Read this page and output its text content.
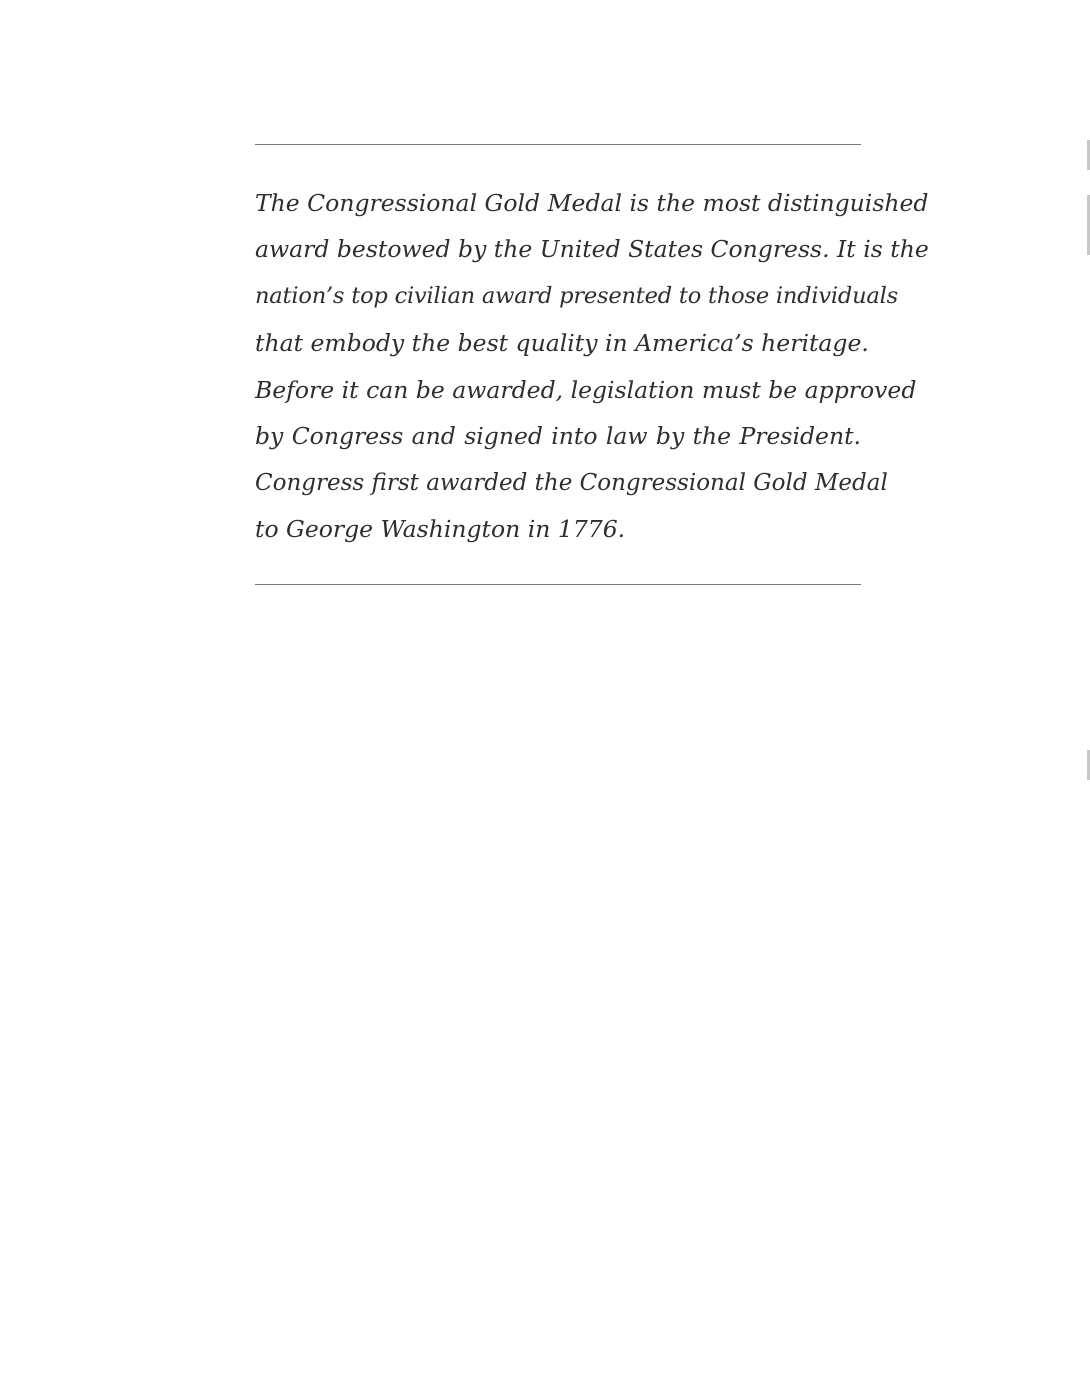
The Congressional Gold Medal is the most distinguished
award bestowed by the United States Congress. It is the
nation’s top civilian award presented to those individuals
that embody the best quality in America’s heritage.
Before it can be awarded, legislation must be approved
by Congress and signed into law by the President.
Congress first awarded the Congressional Gold Medal
to George Washington in 1776.
